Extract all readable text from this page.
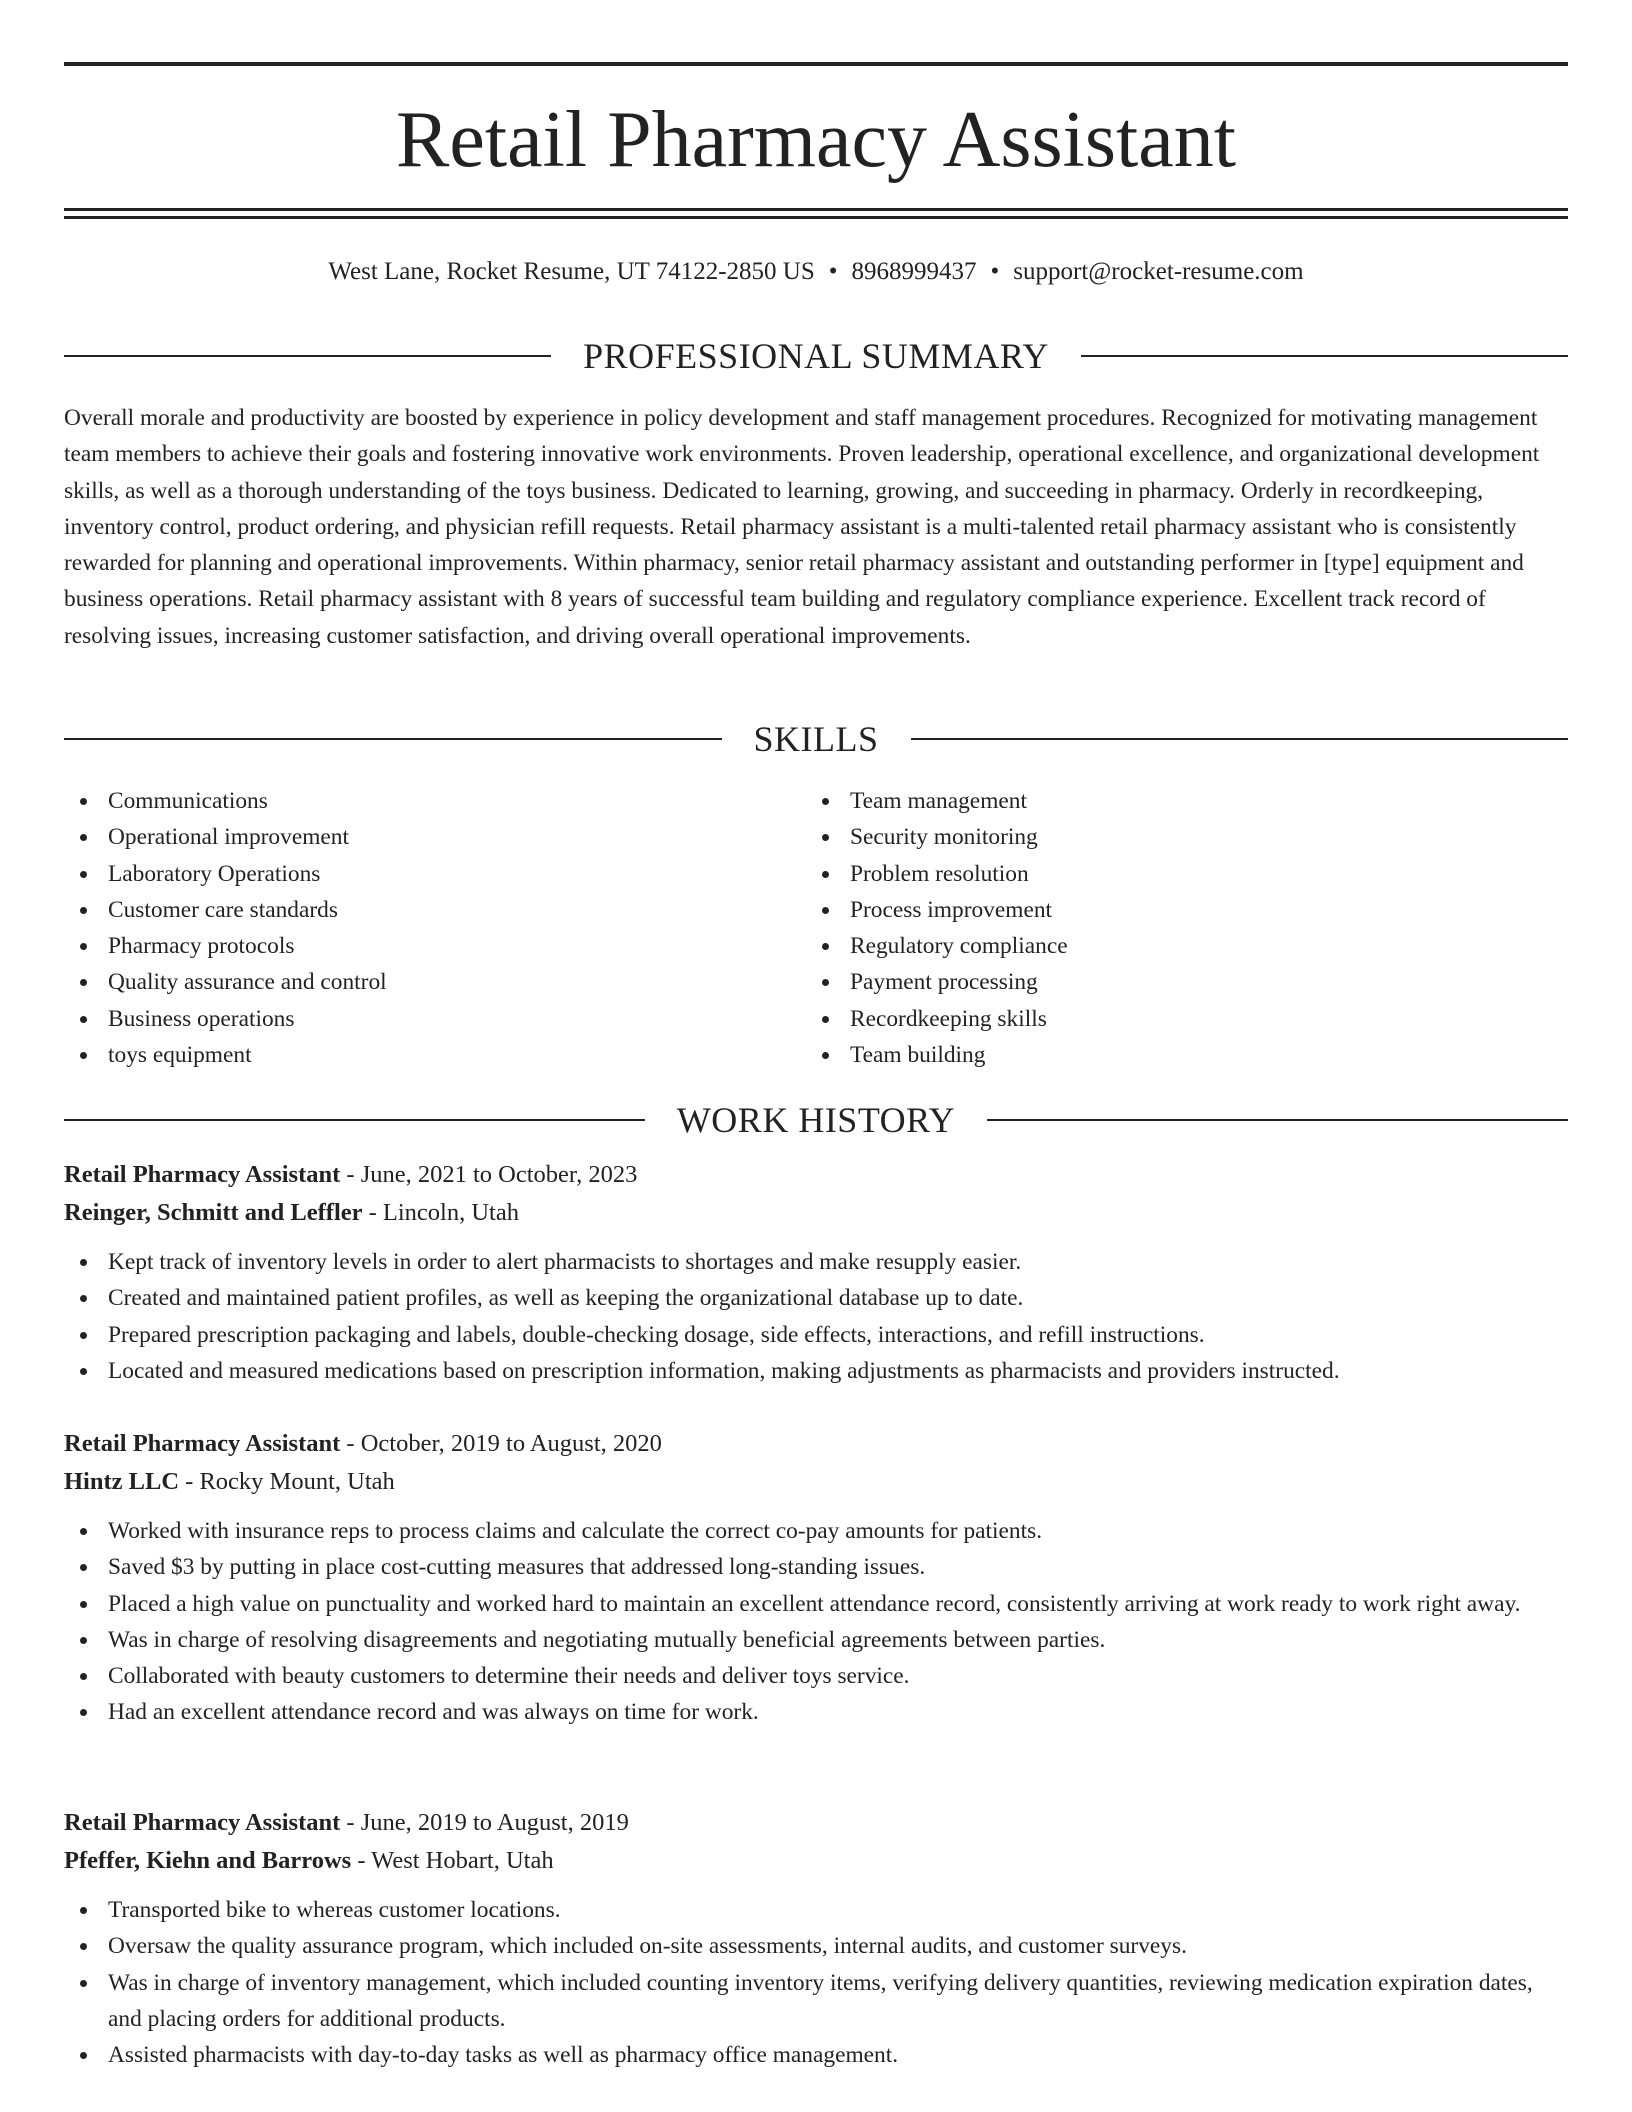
Retail Pharmacy Assistant
West Lane, Rocket Resume, UT 74122-2850 US • 8968999437 • support@rocket-resume.com
PROFESSIONAL SUMMARY

Overall morale and productivity are boosted by experience in policy development and staff management procedures. Recognized for motivating management team members to achieve their goals and fostering innovative work environments. Proven leadership, operational excellence, and organizational development skills, as well as a thorough understanding of the toys business. Dedicated to learning, growing, and succeeding in pharmacy. Orderly in recordkeeping, inventory control, product ordering, and physician refill requests. Retail pharmacy assistant is a multi-talented retail pharmacy assistant who is consistently rewarded for planning and operational improvements. Within pharmacy, senior retail pharmacy assistant and outstanding performer in [type] equipment and business operations. Retail pharmacy assistant with 8 years of successful team building and regulatory compliance experience. Excellent track record of resolving issues, increasing customer satisfaction, and driving overall operational improvements.

SKILLS
Communications
Operational improvement
Laboratory Operations
Customer care standards
Pharmacy protocols
Quality assurance and control
Business operations
toys equipment
Team management
Security monitoring
Problem resolution
Process improvement
Regulatory compliance
Payment processing
Recordkeeping skills
Team building
WORK HISTORY
Retail Pharmacy Assistant - June, 2021 to October, 2023
Reinger, Schmitt and Leffler - Lincoln, Utah
Kept track of inventory levels in order to alert pharmacists to shortages and make resupply easier.
Created and maintained patient profiles, as well as keeping the organizational database up to date.
Prepared prescription packaging and labels, double-checking dosage, side effects, interactions, and refill instructions.
Located and measured medications based on prescription information, making adjustments as pharmacists and providers instructed.
Retail Pharmacy Assistant - October, 2019 to August, 2020
Hintz LLC - Rocky Mount, Utah
Worked with insurance reps to process claims and calculate the correct co-pay amounts for patients.
Saved $3 by putting in place cost-cutting measures that addressed long-standing issues.
Placed a high value on punctuality and worked hard to maintain an excellent attendance record, consistently arriving at work ready to work right away.
Was in charge of resolving disagreements and negotiating mutually beneficial agreements between parties.
Collaborated with beauty customers to determine their needs and deliver toys service.
Had an excellent attendance record and was always on time for work.
Retail Pharmacy Assistant - June, 2019 to August, 2019
Pfeffer, Kiehn and Barrows - West Hobart, Utah
Transported bike to whereas customer locations.
Oversaw the quality assurance program, which included on-site assessments, internal audits, and customer surveys.
Was in charge of inventory management, which included counting inventory items, verifying delivery quantities, reviewing medication expiration dates, and placing orders for additional products.
Assisted pharmacists with day-to-day tasks as well as pharmacy office management.
